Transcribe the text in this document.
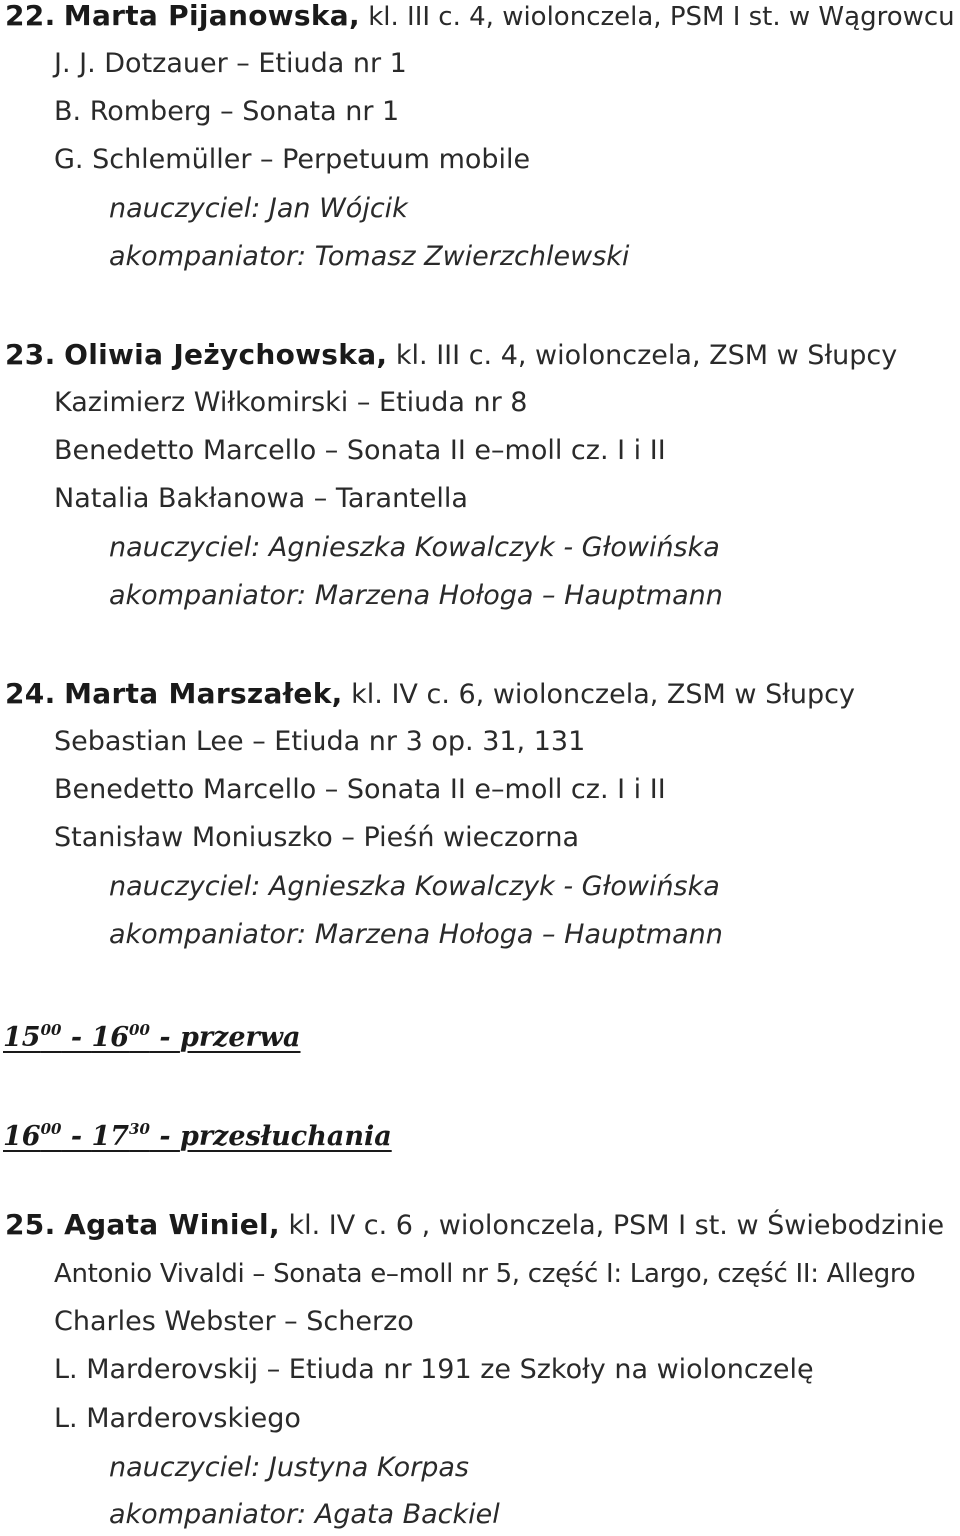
22. Marta Pijanowska, kl. III c. 4, wiolonczela, PSM I st. w Wągrowcu
J. J. Dotzauer – Etiuda nr 1
B. Romberg – Sonata nr 1
G. Schlemüller – Perpetuum mobile
nauczyciel: Jan Wójcik
akompaniator: Tomasz Zwierzchlewski
23. Oliwia Jeżychowska, kl. III c. 4, wiolonczela, ZSM w Słupcy
Kazimierz Wiłkomirski – Etiuda nr 8
Benedetto Marcello – Sonata II e–moll cz. I i II
Natalia Bakłanowa – Tarantella
nauczyciel: Agnieszka Kowalczyk - Głowińska
akompaniator: Marzena Hołoga – Hauptmann
24. Marta Marszałek, kl. IV c. 6, wiolonczela, ZSM w Słupcy
Sebastian Lee – Etiuda nr 3 op. 31, 131
Benedetto Marcello – Sonata II e–moll cz. I i II
Stanisław Moniuszko – Pieśń wieczorna
nauczyciel: Agnieszka Kowalczyk - Głowińska
akompaniator: Marzena Hołoga – Hauptmann
$15^{00} - 16^{00}$ - przerwa
$16^{00} - 17^{30}$ - przesłuchania
25. Agata Winiel, kl. IV c. 6 , wiolonczela, PSM I st. w Świebodzinie
Antonio Vivaldi – Sonata e–moll nr 5, część I: Largo, część II: Allegro
Charles Webster – Scherzo
L. Marderovskij – Etiuda nr 191 ze Szkoły na wiolonczelę
L. Marderovskiego
nauczyciel: Justyna Korpas
akompaniator: Agata Backiel
